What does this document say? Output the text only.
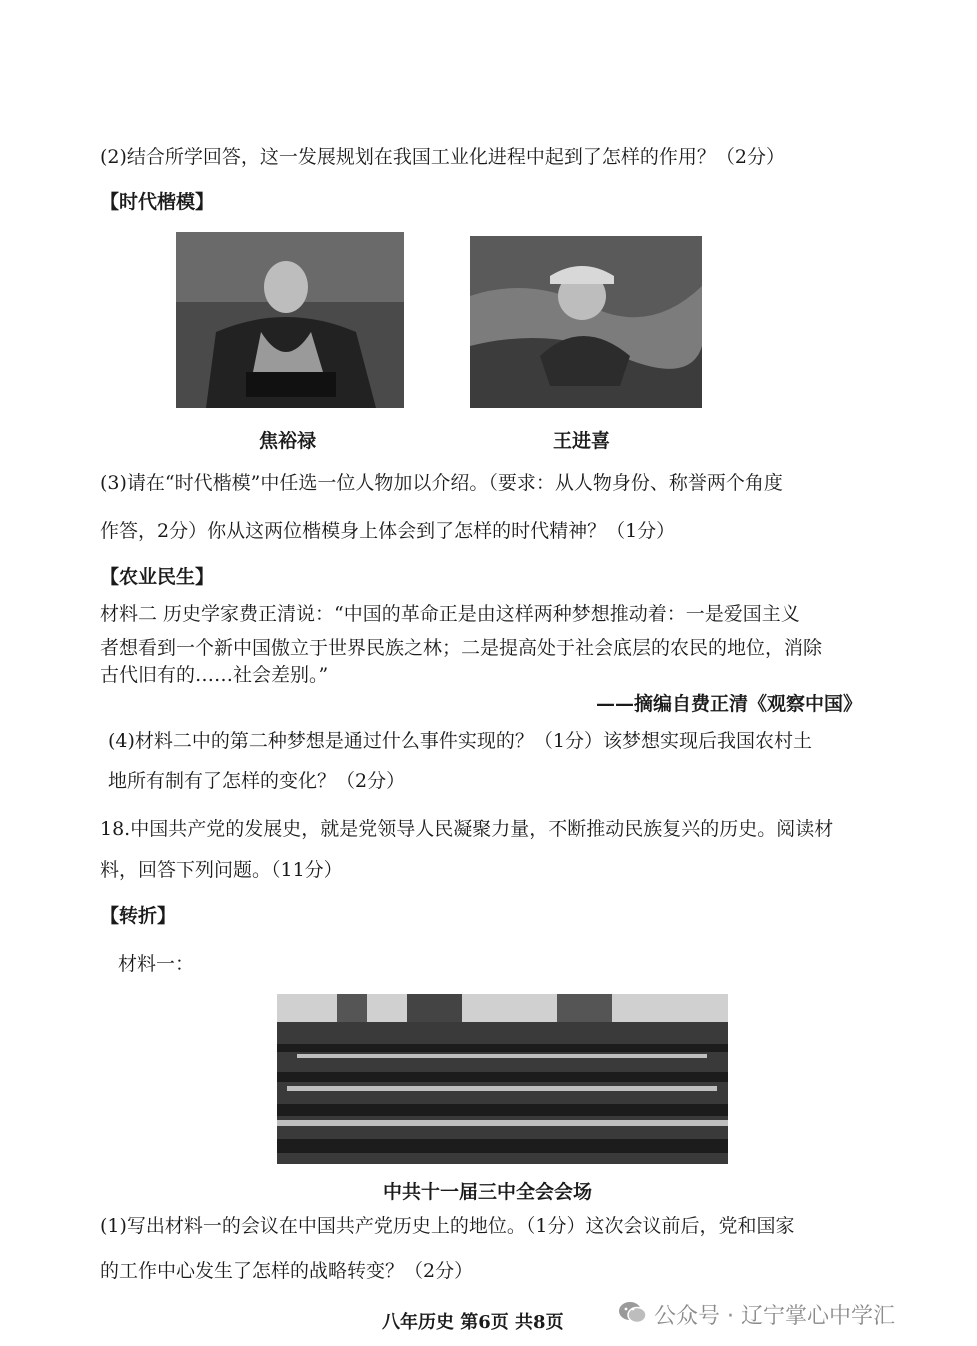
(2)结合所学回答，这一发展规划在我国工业化进程中起到了怎样的作用？（2分）
【时代楷模】
焦裕禄	王进喜
(3)请在“时代楷模”中任选一位人物加以介绍。（要求：从人物身份、称誉两个角度
作答，2分）你从这两位楷模身上体会到了怎样的时代精神？（1分）
【农业民生】
材料二 历史学家费正清说：“中国的革命正是由这样两种梦想推动着：一是爱国主义
者想看到一个新中国傲立于世界民族之林；二是提高处于社会底层的农民的地位，消除
古代旧有的……社会差别。”
——摘编自费正清《观察中国》
(4)材料二中的第二种梦想是通过什么事件实现的？（1分）该梦想实现后我国农村土
地所有制有了怎样的变化？（2分）
18.中国共产党的发展史，就是党领导人民凝聚力量，不断推动民族复兴的历史。阅读材
料，回答下列问题。（11分）
【转折】
材料一：
中共十一届三中全会会场
(1)写出材料一的会议在中国共产党历史上的地位。（1分）这次会议前后，党和国家
的工作中心发生了怎样的战略转变？（2分）
八年历史 第6页 共8页	公众号 · 辽宁掌心中学汇
